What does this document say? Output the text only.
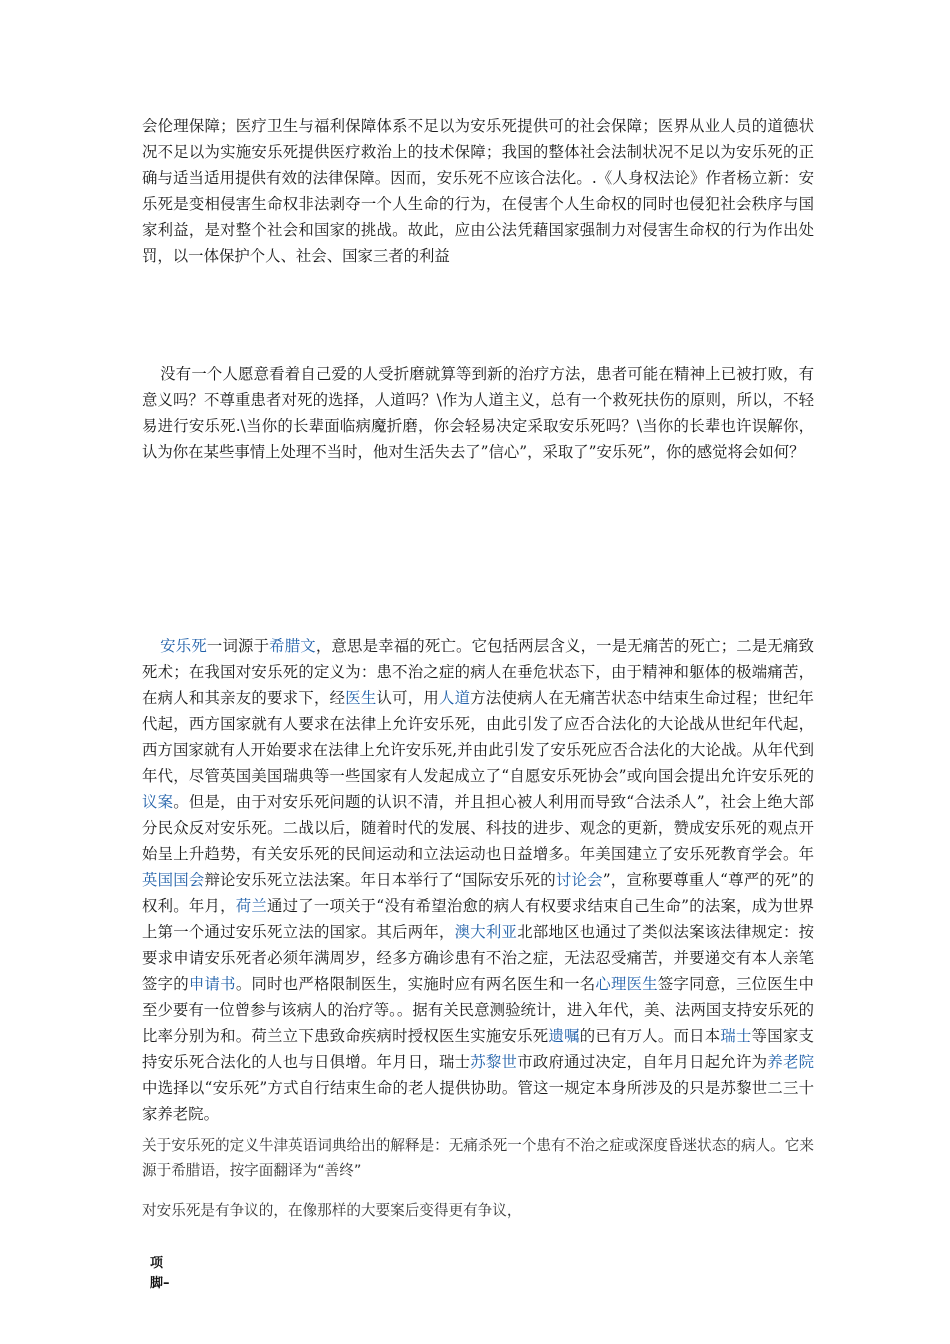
会伦理保障；医疗卫生与福利保障体系不足以为安乐死提供可的社会保障；医界从业人员的道德状况不足以为实施安乐死提供医疗救治上的技术保障；我国的整体社会法制状况不足以为安乐死的正确与适当适用提供有效的法律保障。因而，安乐死不应该合法化。.《人身权法论》作者杨立新：安乐死是变相侵害生命权非法剥夺一个人生命的行为，在侵害个人生命权的同时也侵犯社会秩序与国家利益，是对整个社会和国家的挑战。故此，应由公法凭藉国家强制力对侵害生命权的行为作出处罚，以一体保护个人、社会、国家三者的利益

没有一个人愿意看着自己爱的人受折磨就算等到新的治疗方法，患者可能在精神上已被打败，有意义吗？不尊重患者对死的选择，人道吗？\作为人道主义，总有一个救死扶伤的原则，所以，不轻易进行安乐死.\当你的长辈面临病魔折磨，你会轻易决定采取安乐死吗？\当你的长辈也许误解你，认为你在某些事情上处理不当时，他对生活失去了”信心”，采取了”安乐死”，你的感觉将会如何？

安乐死一词源于希腊文，意思是幸福的死亡。它包括两层含义，一是无痛苦的死亡；二是无痛致死术；在我国对安乐死的定义为：患不治之症的病人在垂危状态下，由于精神和躯体的极端痛苦，在病人和其亲友的要求下，经医生认可，用人道方法使病人在无痛苦状态中结束生命过程；世纪年代起，西方国家就有人要求在法律上允许安乐死，由此引发了应否合法化的大论战从世纪年代起，西方国家就有人开始要求在法律上允许安乐死,并由此引发了安乐死应否合法化的大论战。从年代到年代，尽管英国美国瑞典等一些国家有人发起成立了“自愿安乐死协会”或向国会提出允许安乐死的议案。但是，由于对安乐死问题的认识不清，并且担心被人利用而导致“合法杀人”，社会上绝大部分民众反对安乐死。二战以后，随着时代的发展、科技的进步、观念的更新，赞成安乐死的观点开始呈上升趋势，有关安乐死的民间运动和立法运动也日益增多。年美国建立了安乐死教育学会。年英国国会辩论安乐死立法法案。年日本举行了“国际安乐死的讨论会”，宣称要尊重人“尊严的死”的权利。年月，荷兰通过了一项关于“没有希望治愈的病人有权要求结束自己生命”的法案，成为世界上第一个通过安乐死立法的国家。其后两年，澳大利亚北部地区也通过了类似法案该法律规定：按要求申请安乐死者必须年满周岁，经多方确诊患有不治之症，无法忍受痛苦，并要递交有本人亲笔签字的申请书。同时也严格限制医生，实施时应有两名医生和一名心理医生签字同意，三位医生中至少要有一位曾参与该病人的治疗等。。据有关民意测验统计，进入年代，美、法两国支持安乐死的比率分别为和。荷兰立下患致命疾病时授权医生实施安乐死遗嘱的已有万人。而日本瑞士等国家支持安乐死合法化的人也与日俱增。年月日，瑞士苏黎世市政府通过决定，自年月日起允许为养老院中选择以“安乐死”方式自行结束生命的老人提供协助。管这一规定本身所涉及的只是苏黎世二三十家养老院。

关于安乐死的定义牛津英语词典给出的解释是：无痛杀死一个患有不治之症或深度昏迷状态的病人。它来源于希腊语，按字面翻译为“善终”

对安乐死是有争议的，在像那样的大要案后变得更有争议，

项
脚–
